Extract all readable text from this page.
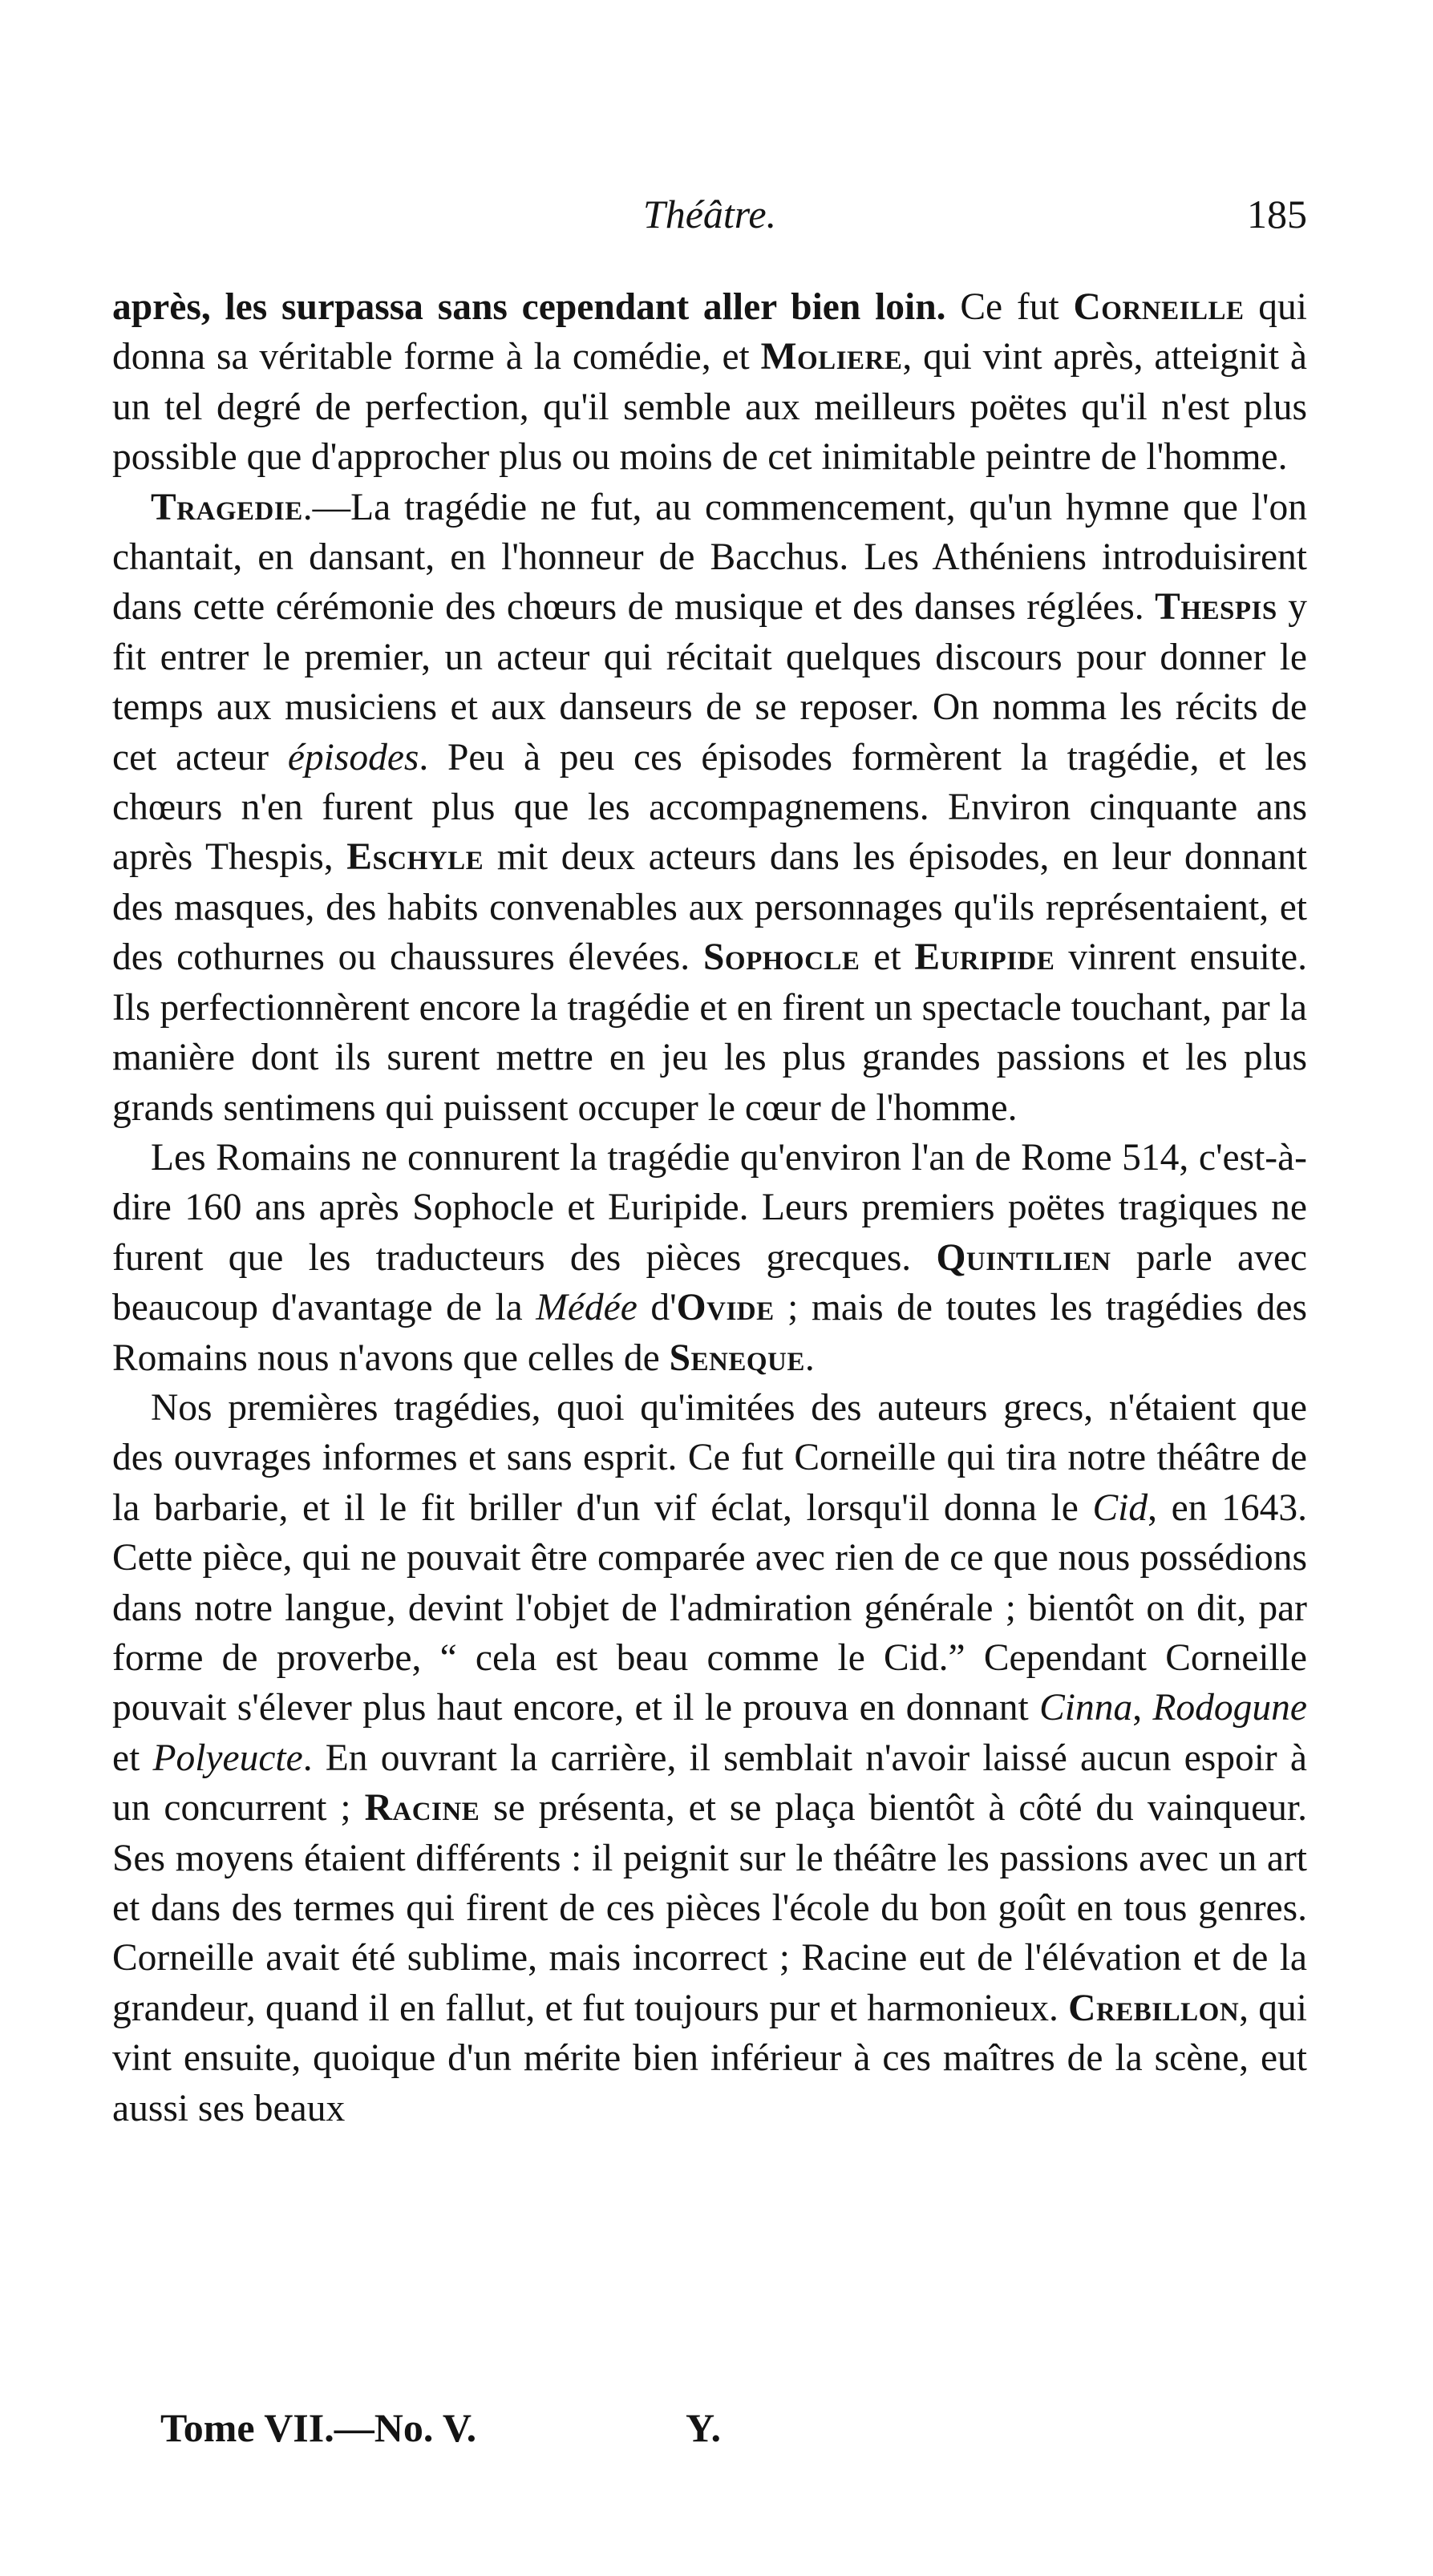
Théâtre.	185

après, les surpassa sans cependant aller bien loin. Ce fut Corneille qui donna sa véritable forme à la comédie, et Moliere, qui vint après, atteignit à un tel degré de perfection, qu'il semble aux meilleurs poëtes qu'il n'est plus possible que d'approcher plus ou moins de cet inimitable peintre de l'homme.

Tragedie.—La tragédie ne fut, au commencement, qu'un hymne que l'on chantait, en dansant, en l'honneur de Bacchus. Les Athéniens introduisirent dans cette cérémonie des chœurs de musique et des danses réglées. Thespis y fit entrer le premier, un acteur qui récitait quelques discours pour donner le temps aux musiciens et aux danseurs de se reposer. On nomma les récits de cet acteur épisodes. Peu à peu ces épisodes formèrent la tragédie, et les chœurs n'en furent plus que les accompagnemens. Environ cinquante ans après Thespis, Eschyle mit deux acteurs dans les épisodes, en leur donnant des masques, des habits convenables aux personnages qu'ils représentaient, et des cothurnes ou chaussures élevées. Sophocle et Euripide vinrent ensuite. Ils perfectionnèrent encore la tragédie et en firent un spectacle touchant, par la manière dont ils surent mettre en jeu les plus grandes passions et les plus grands sentimens qui puissent occuper le cœur de l'homme.

Les Romains ne connurent la tragédie qu'environ l'an de Rome 514, c'est-à-dire 160 ans après Sophocle et Euripide. Leurs premiers poëtes tragiques ne furent que les traducteurs des pièces grecques. Quintilien parle avec beaucoup d'avantage de la Médée d'Ovide ; mais de toutes les tragédies des Romains nous n'avons que celles de Seneque.

Nos premières tragédies, quoi qu'imitées des auteurs grecs, n'étaient que des ouvrages informes et sans esprit. Ce fut Corneille qui tira notre théâtre de la barbarie, et il le fit briller d'un vif éclat, lorsqu'il donna le Cid, en 1643. Cette pièce, qui ne pouvait être comparée avec rien de ce que nous possédions dans notre langue, devint l'objet de l'admiration générale ; bientôt on dit, par forme de proverbe, “ cela est beau comme le Cid.” Cependant Corneille pouvait s'élever plus haut encore, et il le prouva en donnant Cinna, Rodogune et Polyeucte. En ouvrant la carrière, il semblait n'avoir laissé aucun espoir à un concurrent ; Racine se présenta, et se plaça bientôt à côté du vainqueur. Ses moyens étaient différents : il peignit sur le théâtre les passions avec un art et dans des termes qui firent de ces pièces l'école du bon goût en tous genres. Corneille avait été sublime, mais incorrect ; Racine eut de l'élévation et de la grandeur, quand il en fallut, et fut toujours pur et harmonieux. Crebillon, qui vint ensuite, quoique d'un mérite bien inférieur à ces maîtres de la scène, eut aussi ses beaux

Tome VII.—No. V.	Y.
